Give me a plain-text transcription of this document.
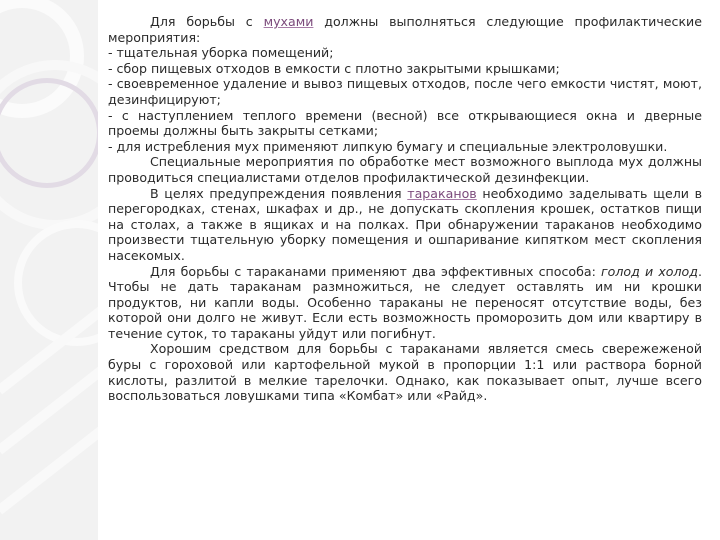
Для борьбы с мухами должны выполняться следующие профилактические мероприятия:

- тщательная уборка помещений;

- сбор пищевых отходов в емкости с плотно закрытыми крышками;

- своевременное удаление и вывоз пищевых отходов, после чего емкости чистят, моют, дезинфицируют;

- с наступлением теплого времени (весной) все открывающиеся окна и дверные проемы должны быть закрыты сетками;

- для истребления мух применяют липкую бумагу и специальные электроловушки.

Специальные мероприятия по обработке мест возможного выплода мух должны проводиться специалистами отделов профилактической дезинфекции.

В целях предупреждения появления тараканов необходимо заделывать щели в перегородках, стенах, шкафах и др., не допускать скопления крошек, остатков пищи на столах, а также в ящиках и на полках. При обнаружении тараканов необходимо произвести тщательную уборку помещения и ошпаривание кипятком мест скопления насекомых.

Для борьбы с тараканами применяют два эффективных способа: голод и холод. Чтобы не дать тараканам размножиться, не следует оставлять им ни крошки продуктов, ни капли воды. Особенно тараканы не переносят отсутствие воды, без которой они долго не живут. Если есть возможность проморозить дом или квартиру в течение суток, то тараканы уйдут или погибнут.

Хорошим средством для борьбы с тараканами является смесь свережеженой буры с гороховой или картофельной мукой в пропорции 1:1 или раствора борной кислоты, разлитой в мелкие тарелочки. Однако, как показывает опыт, лучше всего воспользоваться ловушками типа «Комбат» или «Райд».
